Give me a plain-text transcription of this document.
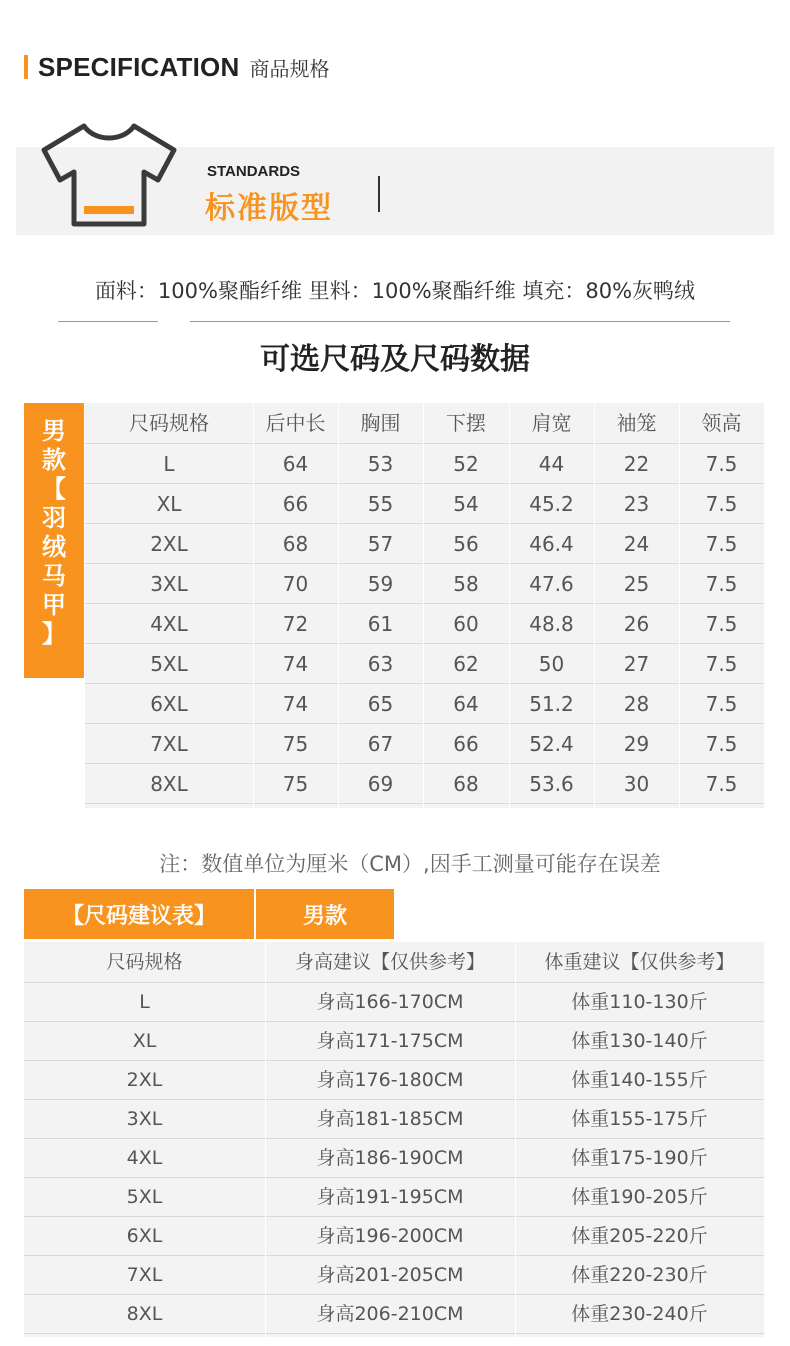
SPECIFICATION 商品规格
STANDARDS
标准版型
面料：100%聚酯纤维 里料：100%聚酯纤维 填充：80%灰鸭绒
可选尺码及尺码数据
男
款
【
羽
绒
马
甲
】
尺码规格	后中长	胸围	下摆	肩宽	袖笼	领高
L	64	53	52	44	22	7.5
XL	66	55	54	45.2	23	7.5
2XL	68	57	56	46.4	24	7.5
3XL	70	59	58	47.6	25	7.5
4XL	72	61	60	48.8	26	7.5
5XL	74	63	62	50	27	7.5
6XL	74	65	64	51.2	28	7.5
7XL	75	67	66	52.4	29	7.5
8XL	75	69	68	53.6	30	7.5
注：数值单位为厘米（CM）,因手工测量可能存在误差
【尺码建议表】	男款
尺码规格	身高建议【仅供参考】	体重建议【仅供参考】
L	身高166-170CM	体重110-130斤
XL	身高171-175CM	体重130-140斤
2XL	身高176-180CM	体重140-155斤
3XL	身高181-185CM	体重155-175斤
4XL	身高186-190CM	体重175-190斤
5XL	身高191-195CM	体重190-205斤
6XL	身高196-200CM	体重205-220斤
7XL	身高201-205CM	体重220-230斤
8XL	身高206-210CM	体重230-240斤
